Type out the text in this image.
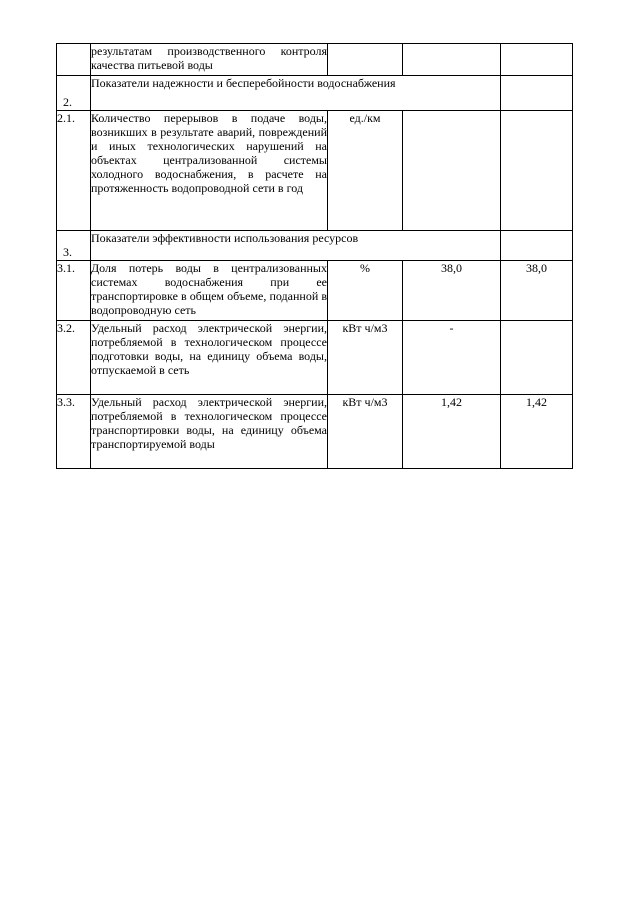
	результатам производственного контроля качества питьевой воды			
2.	Показатели надежности и бесперебойности водоснабжения			
2.1.	Количество перерывов в подаче воды, возникших в результате аварий, повреждений и иных технологических нарушений на объектах централизованной системы холодного водоснабжения, в расчете на протяженность водопроводной сети в год	ед./км		
3.	Показатели эффективности использования ресурсов			
3.1.	Доля потерь воды в централизованных системах водоснабжения при ее транспортировке в общем объеме, поданной в водопроводную сеть	%	38,0	38,0
3.2.	Удельный расход электрической энергии, потребляемой в технологическом процессе подготовки воды, на единицу объема воды, отпускаемой в сеть	кВт ч/м3	-	
3.3.	Удельный расход электрической энергии, потребляемой в технологическом процессе транспортировки воды, на единицу объема транспортируемой воды	кВт ч/м3	1,42	1,42
